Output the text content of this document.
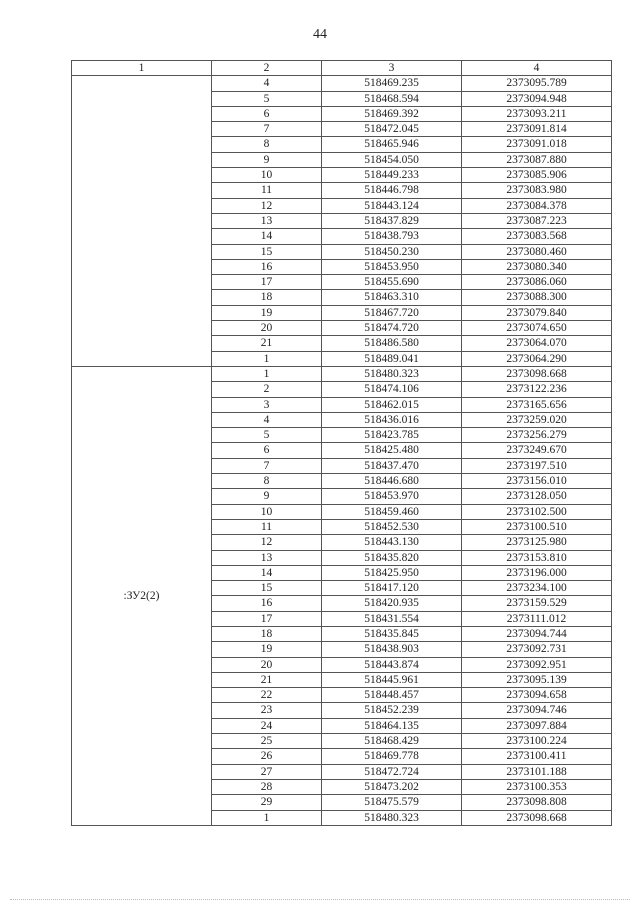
44
1	2	3	4
	4	518469.235	2373095.789
	5	518468.594	2373094.948
	6	518469.392	2373093.211
	7	518472.045	2373091.814
	8	518465.946	2373091.018
	9	518454.050	2373087.880
	10	518449.233	2373085.906
	11	518446.798	2373083.980
	12	518443.124	2373084.378
	13	518437.829	2373087.223
	14	518438.793	2373083.568
	15	518450.230	2373080.460
	16	518453.950	2373080.340
	17	518455.690	2373086.060
	18	518463.310	2373088.300
	19	518467.720	2373079.840
	20	518474.720	2373074.650
	21	518486.580	2373064.070
	1	518489.041	2373064.290
:ЗУ2(2)	1	518480.323	2373098.668
	2	518474.106	2373122.236
	3	518462.015	2373165.656
	4	518436.016	2373259.020
	5	518423.785	2373256.279
	6	518425.480	2373249.670
	7	518437.470	2373197.510
	8	518446.680	2373156.010
	9	518453.970	2373128.050
	10	518459.460	2373102.500
	11	518452.530	2373100.510
	12	518443.130	2373125.980
	13	518435.820	2373153.810
	14	518425.950	2373196.000
	15	518417.120	2373234.100
	16	518420.935	2373159.529
	17	518431.554	2373111.012
	18	518435.845	2373094.744
	19	518438.903	2373092.731
	20	518443.874	2373092.951
	21	518445.961	2373095.139
	22	518448.457	2373094.658
	23	518452.239	2373094.746
	24	518464.135	2373097.884
	25	518468.429	2373100.224
	26	518469.778	2373100.411
	27	518472.724	2373101.188
	28	518473.202	2373100.353
	29	518475.579	2373098.808
	1	518480.323	2373098.668
